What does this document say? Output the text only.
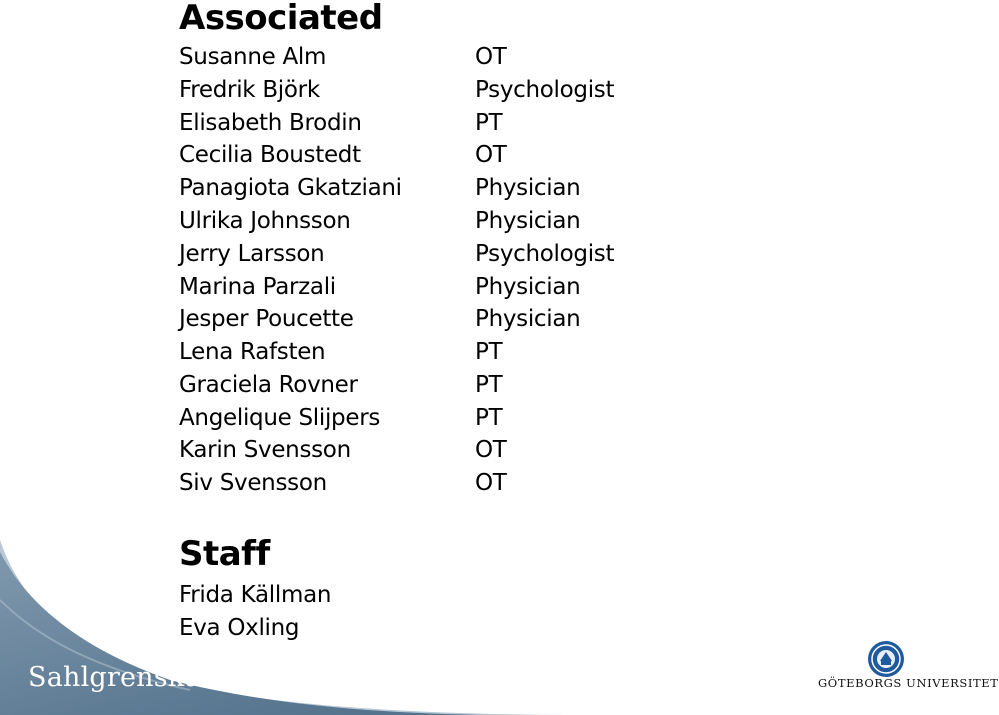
Associated
Susanne Alm	OT
Fredrik Björk	Psychologist
Elisabeth Brodin	PT
Cecilia Boustedt	OT
Panagiota Gkatziani	Physician
Ulrika Johnsson	Physician
Jerry Larsson	Psychologist
Marina Parzali	Physician
Jesper Poucette	Physician
Lena Rafsten	PT
Graciela Rovner	PT
Angelique Slijpers	PT
Karin Svensson	OT
Siv Svensson	OT
Staff
Frida Källman
Eva Oxling
Sahlgrenska akademin	GÖTEBORGS UNIVERSITET
